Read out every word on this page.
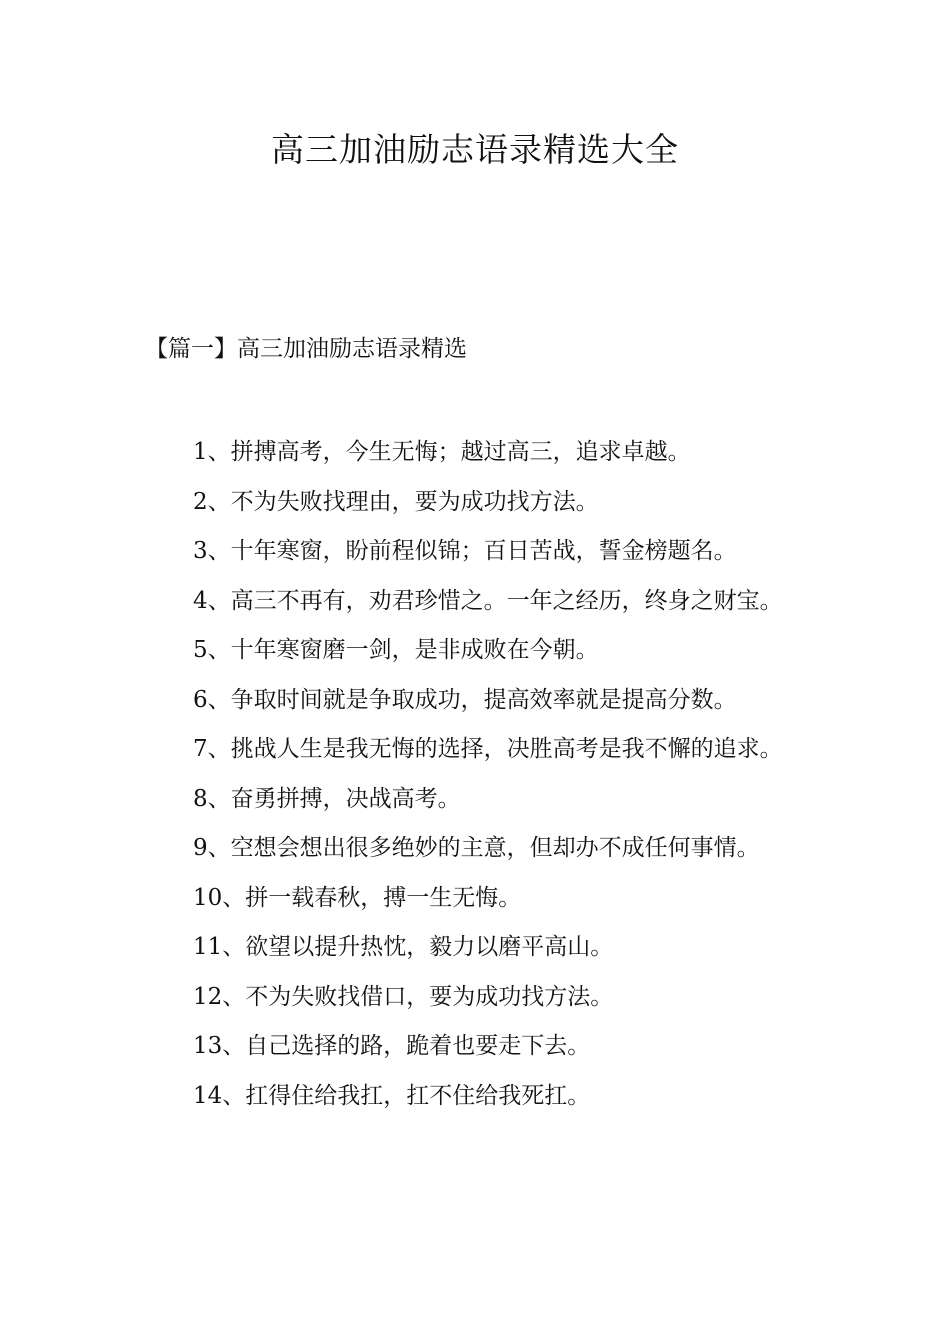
高三加油励志语录精选大全
【篇一】高三加油励志语录精选
1、拼搏高考，今生无悔；越过高三，追求卓越。
2、不为失败找理由，要为成功找方法。
3、十年寒窗，盼前程似锦；百日苦战，誓金榜题名。
4、高三不再有，劝君珍惜之。一年之经历，终身之财宝。
5、十年寒窗磨一剑，是非成败在今朝。
6、争取时间就是争取成功，提高效率就是提高分数。
7、挑战人生是我无悔的选择，决胜高考是我不懈的追求。
8、奋勇拼搏，决战高考。
9、空想会想出很多绝妙的主意，但却办不成任何事情。
10、拼一载春秋，搏一生无悔。
11、欲望以提升热忱，毅力以磨平高山。
12、不为失败找借口，要为成功找方法。
13、自己选择的路，跪着也要走下去。
14、扛得住给我扛，扛不住给我死扛。
